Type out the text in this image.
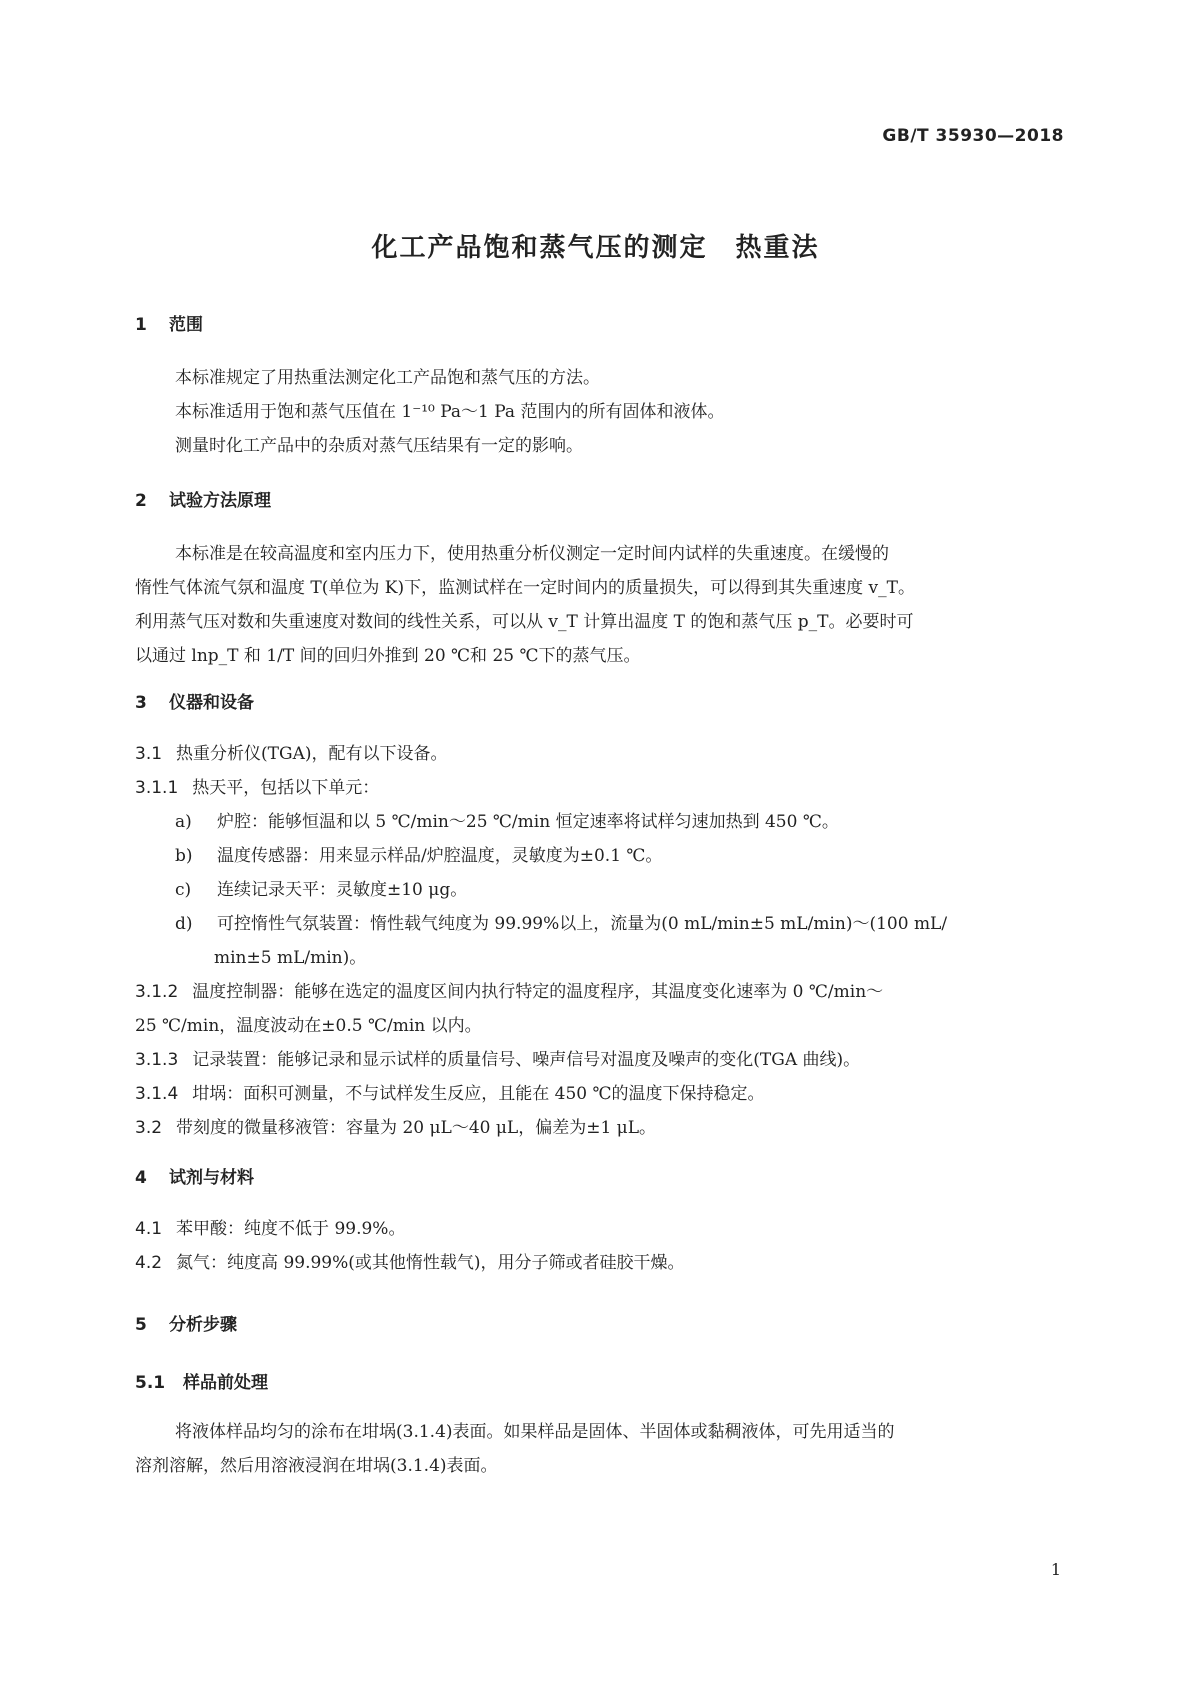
GB/T 35930—2018
化工产品饱和蒸气压的测定　热重法
1 范围
本标准规定了用热重法测定化工产品饱和蒸气压的方法。
本标准适用于饱和蒸气压值在 1⁻¹⁰ Pa～1 Pa 范围内的所有固体和液体。
测量时化工产品中的杂质对蒸气压结果有一定的影响。
2 试验方法原理
本标准是在较高温度和室内压力下，使用热重分析仪测定一定时间内试样的失重速度。在缓慢的
惰性气体流气氛和温度 T(单位为 K)下，监测试样在一定时间内的质量损失，可以得到其失重速度 v_T。
利用蒸气压对数和失重速度对数间的线性关系，可以从 v_T 计算出温度 T 的饱和蒸气压 p_T。必要时可
以通过 lnp_T 和 1/T 间的回归外推到 20 ℃和 25 ℃下的蒸气压。
3 仪器和设备
3.1 热重分析仪(TGA)，配有以下设备。
3.1.1 热天平，包括以下单元：
a) 炉腔：能够恒温和以 5 ℃/min～25 ℃/min 恒定速率将试样匀速加热到 450 ℃。
b) 温度传感器：用来显示样品/炉腔温度，灵敏度为±0.1 ℃。
c) 连续记录天平：灵敏度±10 μg。
d) 可控惰性气氛装置：惰性载气纯度为 99.99%以上，流量为(0 mL/min±5 mL/min)～(100 mL/
min±5 mL/min)。
3.1.2 温度控制器：能够在选定的温度区间内执行特定的温度程序，其温度变化速率为 0 ℃/min～
25 ℃/min，温度波动在±0.5 ℃/min 以内。
3.1.3 记录装置：能够记录和显示试样的质量信号、噪声信号对温度及噪声的变化(TGA 曲线)。
3.1.4 坩埚：面积可测量，不与试样发生反应，且能在 450 ℃的温度下保持稳定。
3.2 带刻度的微量移液管：容量为 20 μL～40 μL，偏差为±1 μL。
4 试剂与材料
4.1 苯甲酸：纯度不低于 99.9%。
4.2 氮气：纯度高 99.99%(或其他惰性载气)，用分子筛或者硅胶干燥。
5 分析步骤
5.1 样品前处理
将液体样品均匀的涂布在坩埚(3.1.4)表面。如果样品是固体、半固体或黏稠液体，可先用适当的
溶剂溶解，然后用溶液浸润在坩埚(3.1.4)表面。
1
